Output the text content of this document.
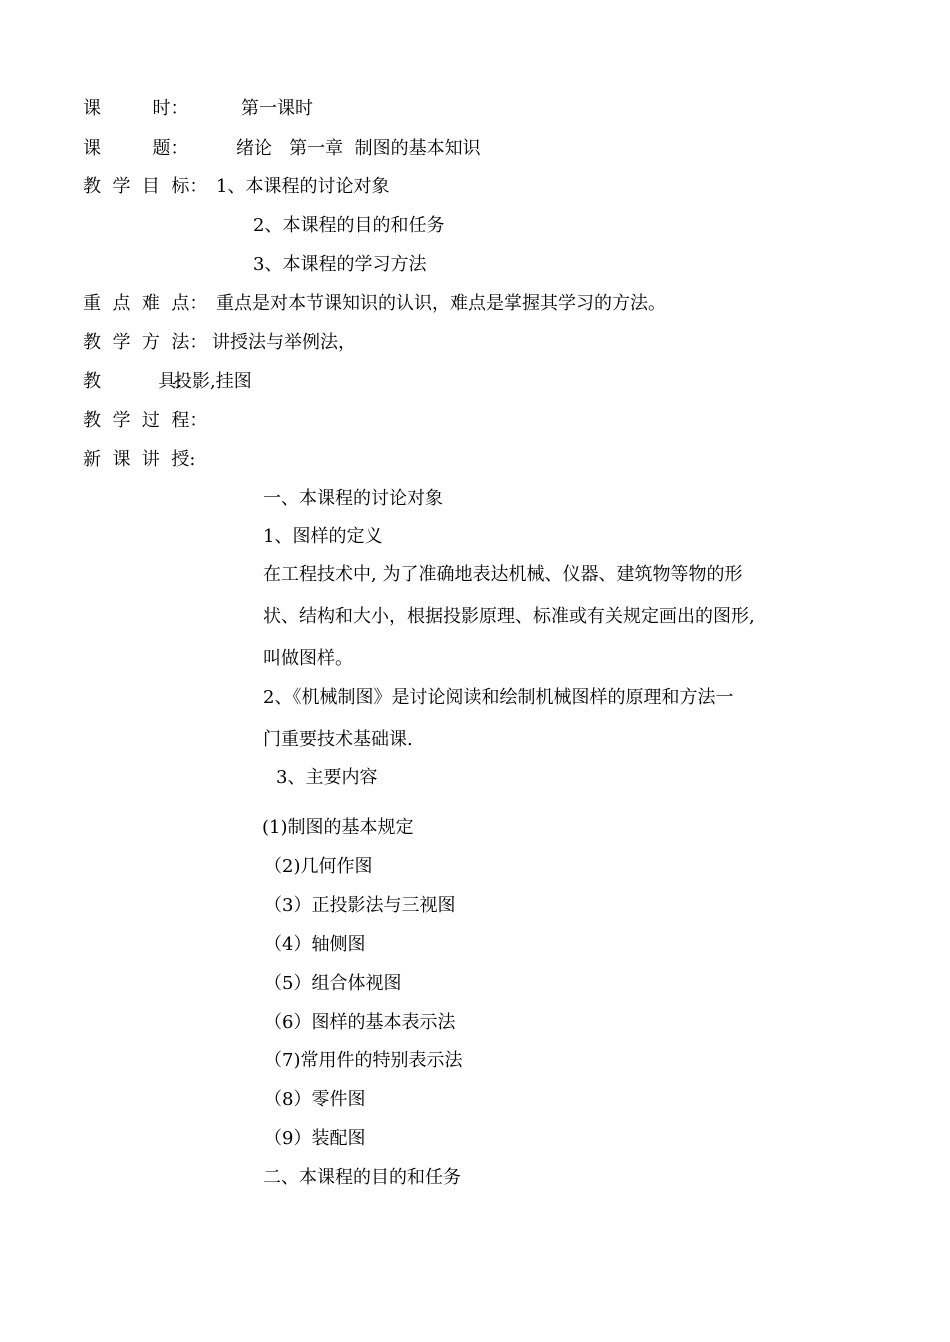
课         时：	第一课时
课         题：	绪论   第一章  制图的基本知识
教  学  目  标： 1、本课程的讨论对象
2、本课程的目的和任务
3、本课程的学习方法
重  点  难  点： 重点是对本节课知识的认识，难点是掌握其学习的方法。
教  学  方  法： 讲授法与举例法，
教          具:
投影,挂图
教  学  过  程：
新  课  讲  授:
一、本课程的讨论对象
1、图样的定义
在工程技术中, 为了准确地表达机械、仪器、建筑物等物的形
状、结构和大小，根据投影原理、标准或有关规定画出的图形,
叫做图样。
2、《机械制图》是讨论阅读和绘制机械图样的原理和方法一
门重要技术基础课.
3、主要内容
(1)制图的基本规定
（2)几何作图
（3）正投影法与三视图
（4）轴侧图
（5）组合体视图
（6）图样的基本表示法
（7)常用件的特别表示法
（8）零件图
（9）装配图
二、本课程的目的和任务
